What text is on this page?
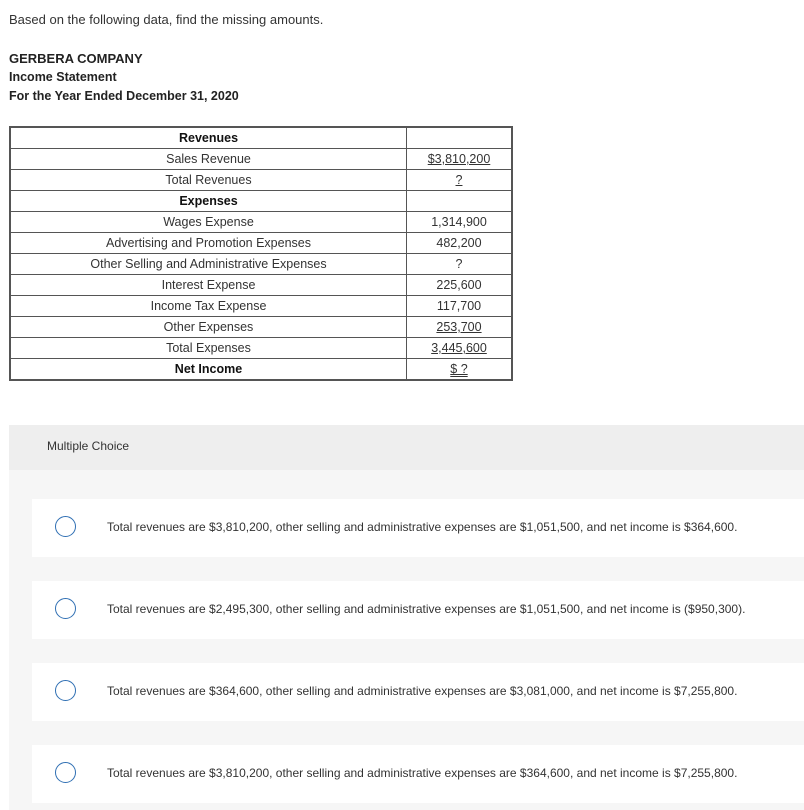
Based on the following data, find the missing amounts.
GERBERA COMPANY
Income Statement
For the Year Ended December 31, 2020
Revenues	
Sales Revenue	$3,810,200
Total Revenues	?
Expenses	
Wages Expense	1,314,900
Advertising and Promotion Expenses	482,200
Other Selling and Administrative Expenses	?
Interest Expense	225,600
Income Tax Expense	117,700
Other Expenses	253,700
Total Expenses	3,445,600
Net Income	$ ?
Multiple Choice
Total revenues are $3,810,200, other selling and administrative expenses are $1,051,500, and net income is $364,600.
Total revenues are $2,495,300, other selling and administrative expenses are $1,051,500, and net income is ($950,300).
Total revenues are $364,600, other selling and administrative expenses are $3,081,000, and net income is $7,255,800.
Total revenues are $3,810,200, other selling and administrative expenses are $364,600, and net income is $7,255,800.
